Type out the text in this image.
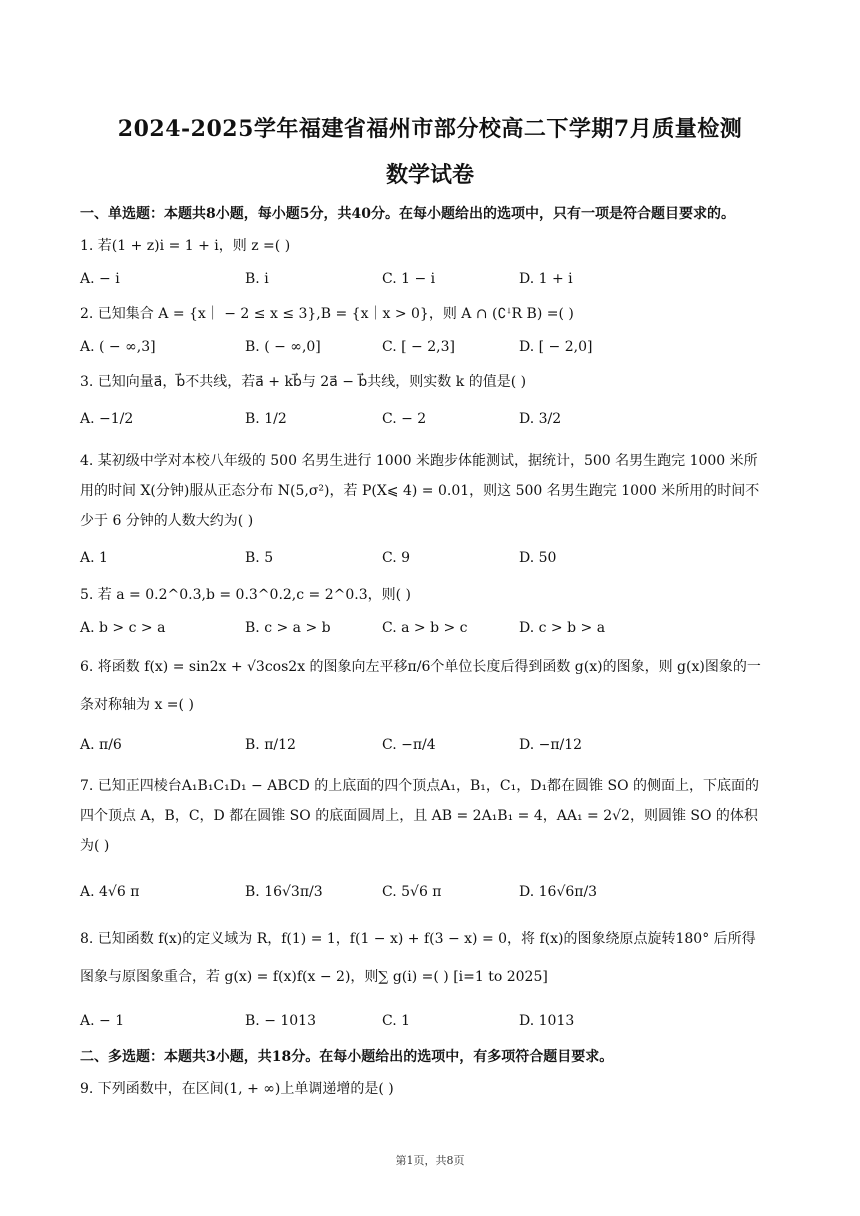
2024-2025学年福建省福州市部分校高二下学期7月质量检测
数学试卷
一、单选题：本题共8小题，每小题5分，共40分。在每小题给出的选项中，只有一项是符合题目要求的。
1. 若(1 + z)i = 1 + i，则 z =( )
A. − i	B. i	C. 1 − i	D. 1 + i
2. 已知集合 A = {x｜ − 2 ≤ x ≤ 3},B = {x｜x > 0}，则 A ∩ (∁ꜜR B) =( )
A. ( − ∞,3]	B. ( − ∞,0]	C. [ − 2,3]	D. [ − 2,0]
3. 已知向量a⃗，b⃗不共线，若a⃗ + kb⃗与 2a⃗ − b⃗共线，则实数 k 的值是( )
A. −1/2	B. 1/2	C. − 2	D. 3/2
4. 某初级中学对本校八年级的 500 名男生进行 1000 米跑步体能测试，据统计，500 名男生跑完 1000 米所
用的时间 X(分钟)服从正态分布 N(5,σ²)，若 P(X⩽ 4) = 0.01，则这 500 名男生跑完 1000 米所用的时间不
少于 6 分钟的人数大约为( )
A. 1	B. 5	C. 9	D. 50
5. 若 a = 0.2^0.3,b = 0.3^0.2,c = 2^0.3，则( )
A. b > c > a	B. c > a > b	C. a > b > c	D. c > b > a
6. 将函数 f(x) = sin2x + √3cos2x 的图象向左平移π/6个单位长度后得到函数 g(x)的图象，则 g(x)图象的一
条对称轴为 x =( )
A. π/6	B. π/12	C. −π/4	D. −π/12
7. 已知正四棱台A₁B₁C₁D₁ − ABCD 的上底面的四个顶点A₁，B₁，C₁，D₁都在圆锥 SO 的侧面上，下底面的
四个顶点 A，B，C，D 都在圆锥 SO 的底面圆周上，且 AB = 2A₁B₁ = 4，AA₁ = 2√2，则圆锥 SO 的体积
为( )
A. 4√6 π	B. 16√3π/3	C. 5√6 π	D. 16√6π/3
8. 已知函数 f(x)的定义域为 R，f(1) = 1，f(1 − x) + f(3 − x) = 0，将 f(x)的图象绕原点旋转180° 后所得
图象与原图象重合，若 g(x) = f(x)f(x − 2)，则∑ g(i) =( ) [i=1 to 2025]
A. − 1	B. − 1013	C. 1	D. 1013
二、多选题：本题共3小题，共18分。在每小题给出的选项中，有多项符合题目要求。
9. 下列函数中，在区间(1, + ∞)上单调递增的是( )
第1页，共8页
